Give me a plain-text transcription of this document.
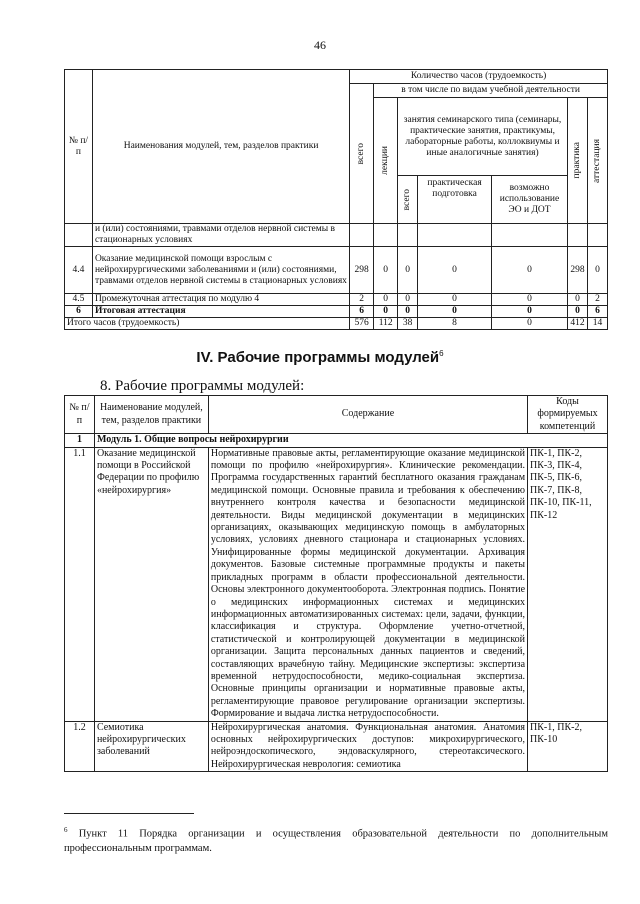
46
№ п/п	Наименования модулей, тем, разделов практики	Количество часов (трудоемкость)						

		всего	в том числе по видам учебной деятельности					

			лекции	занятия семинарского типа (семинары, практические занятия, практикумы, лабораторные работы, коллоквиумы и иные аналогичные занятия)			практика	аттестация

				всего	практическая подготовка	возможно использование ЭО и ДОТ		
	и (или) состояниями, травмами отделов нервной системы в стационарных условиях							
4.4	Оказание медицинской помощи взрослым с нейрохирургическими заболеваниями и (или) состояниями, травмами отделов нервной системы в стационарных условиях	298	0	0	0	0	298	0
4.5	Промежуточная аттестация по модулю 4	2	0	0	0	0	0	2
6	Итоговая аттестация	6	0	0	0	0	0	6
Итого часов (трудоемкость)		576	112	38	8	0	412	14
IV. Рабочие программы модулей$^6$
8. Рабочие программы модулей:
№ п/п	Наименование модулей, тем, разделов практики	Содержание	Коды формируемых компетенций
1	Модуль 1. Общие вопросы нейрохирургии		
1.1	Оказание медицинской помощи в Российской Федерации по профилю «нейрохирургия»	Нормативные правовые акты, регламентирующие оказание медицинской помощи по профилю «нейрохирургия». Клинические рекомендации. Программа государственных гарантий бесплатного оказания гражданам медицинской помощи. Основные правила и требования к обеспечению внутреннего контроля качества и безопасности медицинской деятельности. Виды медицинской документации в медицинских организациях, оказывающих медицинскую помощь в амбулаторных условиях, условиях дневного стационара и стационарных условиях. Унифицированные формы медицинской документации. Архивация документов. Базовые системные программные продукты и пакеты прикладных программ в области профессиональной деятельности. Основы электронного документооборота. Электронная подпись. Понятие о медицинских информационных системах и медицинских информационных автоматизированных системах: цели, задачи, функции, классификация и структура. Оформление учетно-отчетной, статистической и контролирующей документации в медицинской организации. Защита персональных данных пациентов и сведений, составляющих врачебную тайну. Медицинские экспертизы: экспертиза временной нетрудоспособности, медико-социальная экспертиза. Основные принципы организации и нормативные правовые акты, регламентирующие правовое регулирование организации экспертизы. Формирование и выдача листка нетрудоспособности.	ПК-1, ПК-2, ПК-3, ПК-4, ПК-5, ПК-6, ПК-7, ПК-8, ПК-10, ПК-11, ПК-12
1.2	Семиотика нейрохирургических заболеваний	Нейрохирургическая анатомия. Функциональная анатомия. Анатомия основных нейрохирургических доступов: микрохирургического, нейроэндоскопического, эндоваскулярного, стереотаксического. Нейрохирургическая неврология: семиотика	ПК-1, ПК-2, ПК-10
$^6$ Пункт 11 Порядка организации и осуществления образовательной деятельности по дополнительным профессиональным программам.
